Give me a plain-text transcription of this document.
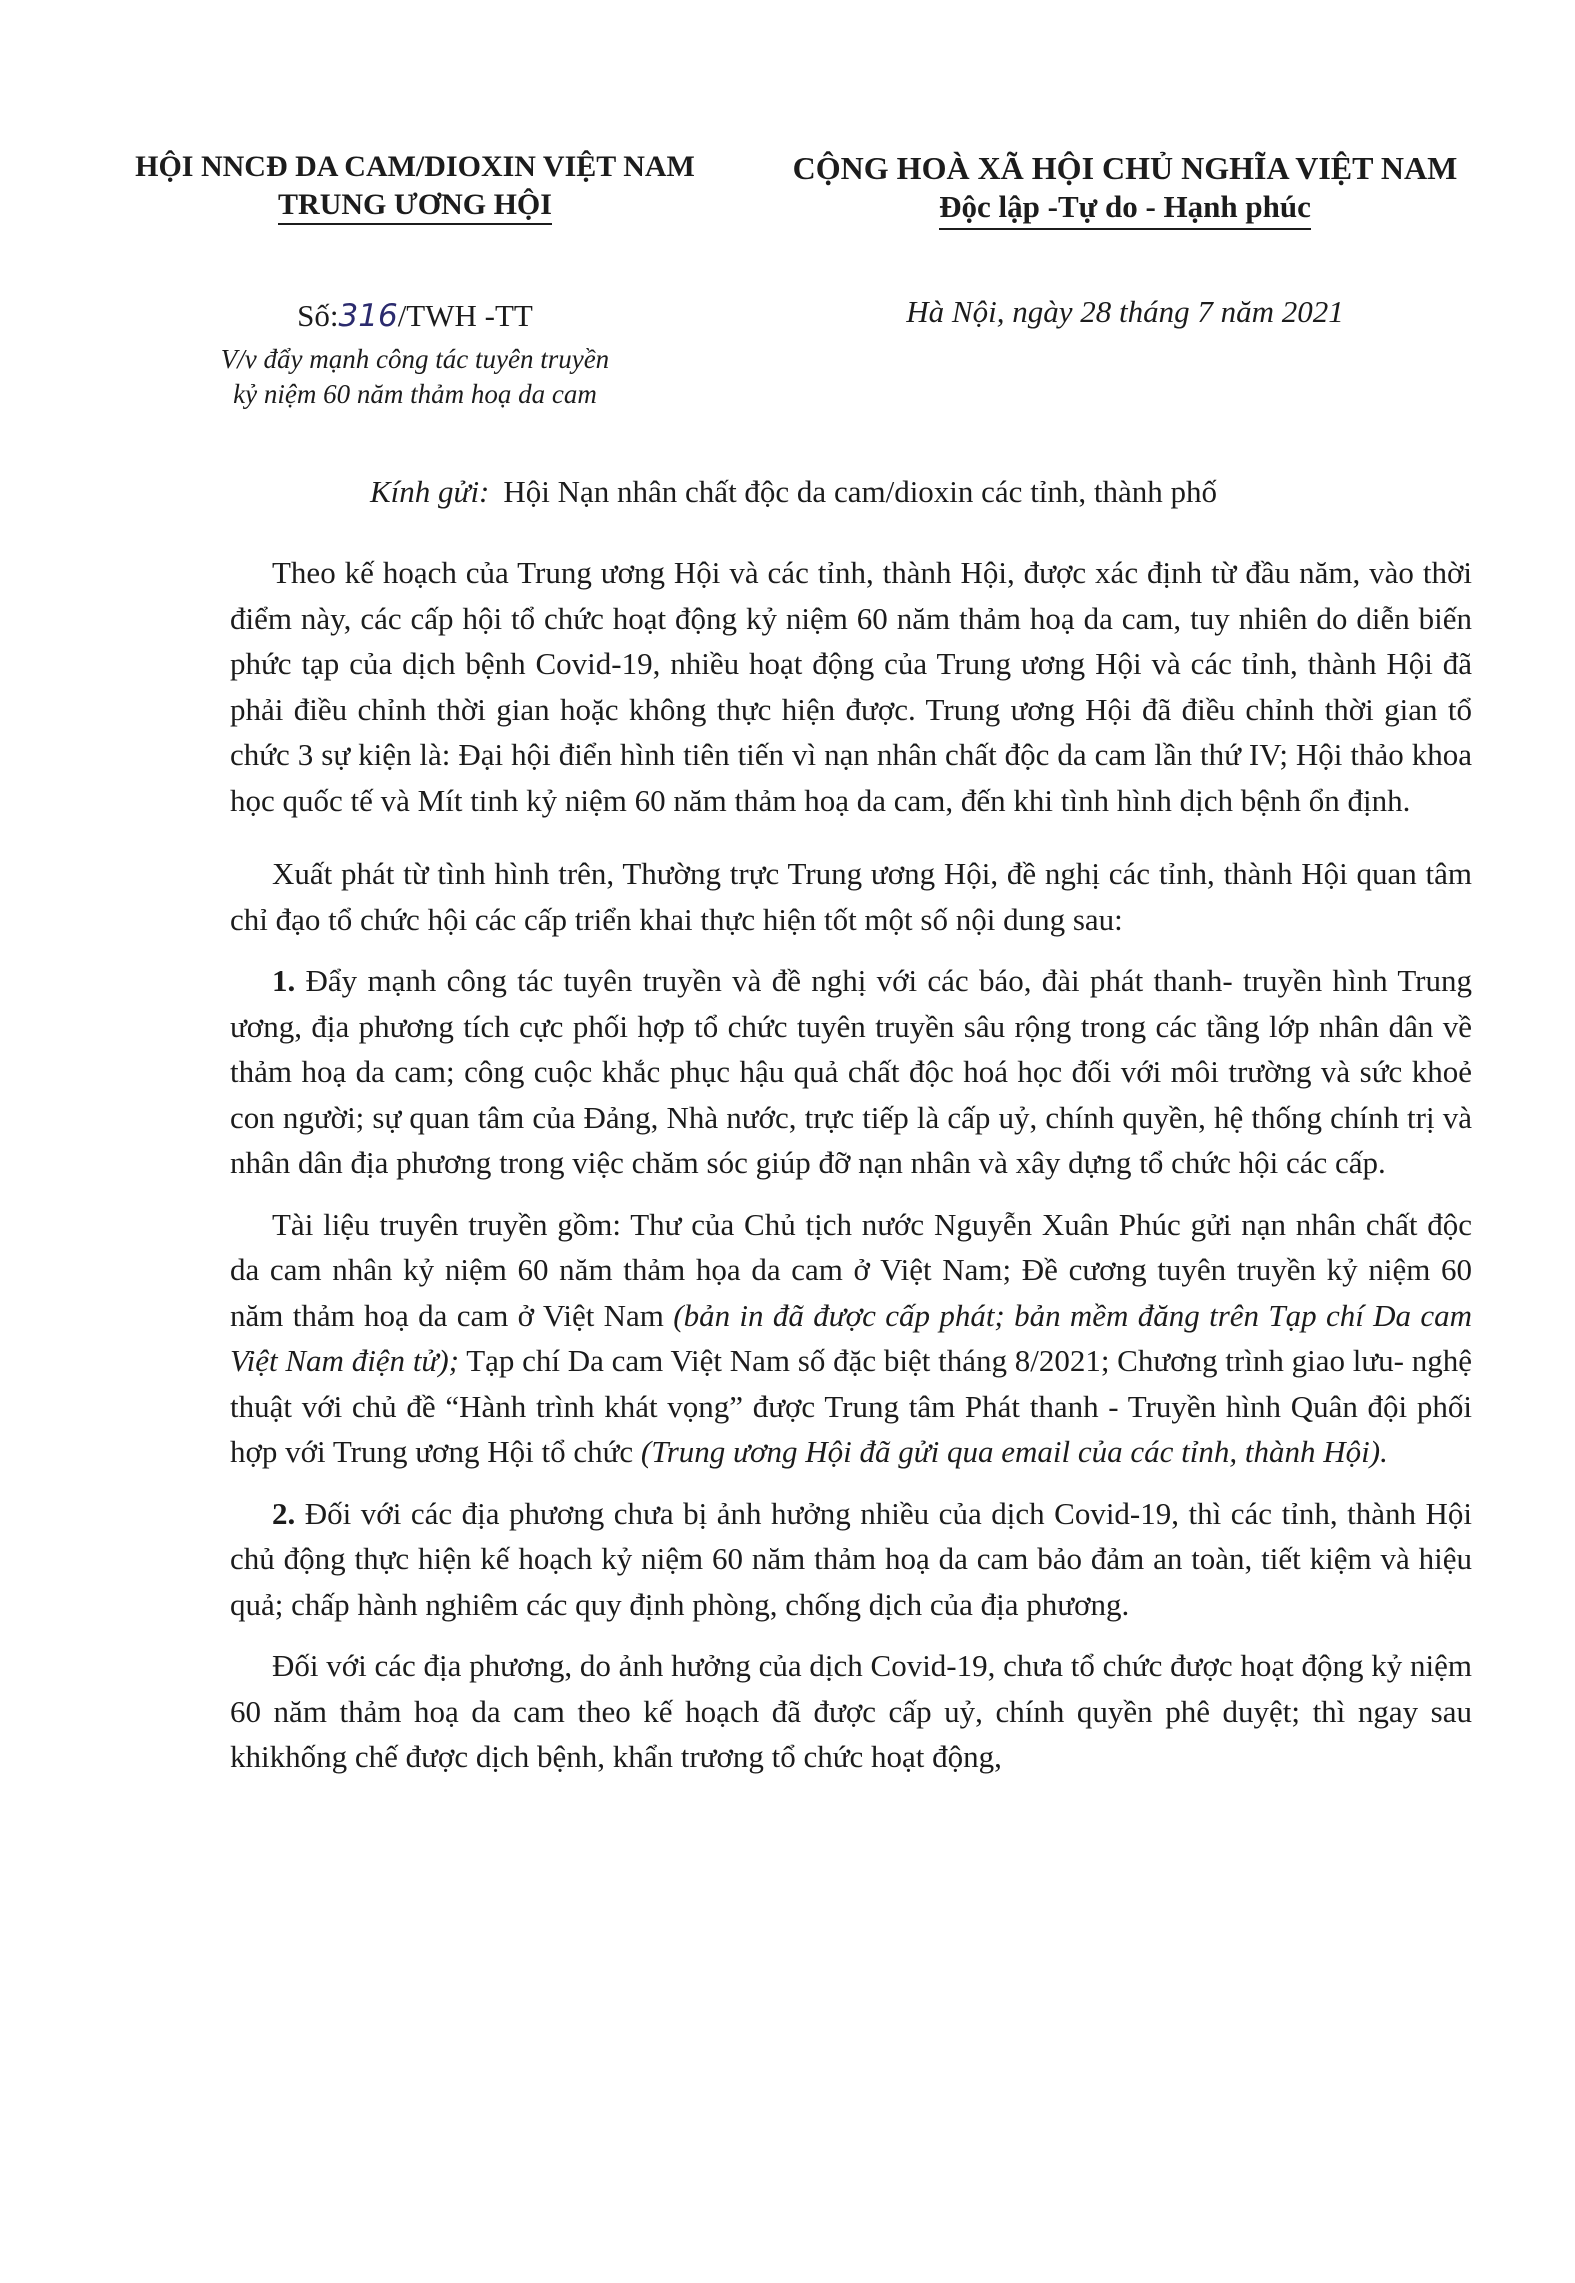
HỘI NNCĐ DA CAM/DIOXIN VIỆT NAM
TRUNG ƯƠNG HỘI
CỘNG HOÀ XÃ HỘI CHỦ NGHĨA VIỆT NAM
Độc lập -Tự do - Hạnh phúc
Số:316/TWH -TT	Hà Nội, ngày 28 tháng 7 năm 2021
V/v đẩy mạnh công tác tuyên truyền
kỷ niệm 60 năm thảm hoạ da cam
Kính gửi: Hội Nạn nhân chất độc da cam/dioxin các tỉnh, thành phố

Theo kế hoạch của Trung ương Hội và các tỉnh, thành Hội, được xác định từ đầu năm, vào thời điểm này, các cấp hội tổ chức hoạt động kỷ niệm 60 năm thảm hoạ da cam, tuy nhiên do diễn biến phức tạp của dịch bệnh Covid-19, nhiều hoạt động của Trung ương Hội và các tỉnh, thành Hội đã phải điều chỉnh thời gian hoặc không thực hiện được. Trung ương Hội đã điều chỉnh thời gian tổ chức 3 sự kiện là: Đại hội điển hình tiên tiến vì nạn nhân chất độc da cam lần thứ IV; Hội thảo khoa học quốc tế và Mít tinh kỷ niệm 60 năm thảm hoạ da cam, đến khi tình hình dịch bệnh ổn định.

Xuất phát từ tình hình trên, Thường trực Trung ương Hội, đề nghị các tỉnh, thành Hội quan tâm chỉ đạo tổ chức hội các cấp triển khai thực hiện tốt một số nội dung sau:

1. Đẩy mạnh công tác tuyên truyền và đề nghị với các báo, đài phát thanh- truyền hình Trung ương, địa phương tích cực phối hợp tổ chức tuyên truyền sâu rộng trong các tầng lớp nhân dân về thảm hoạ da cam; công cuộc khắc phục hậu quả chất độc hoá học đối với môi trường và sức khoẻ con người; sự quan tâm của Đảng, Nhà nước, trực tiếp là cấp uỷ, chính quyền, hệ thống chính trị và nhân dân địa phương trong việc chăm sóc giúp đỡ nạn nhân và xây dựng tổ chức hội các cấp.

Tài liệu truyên truyền gồm: Thư của Chủ tịch nước Nguyễn Xuân Phúc gửi nạn nhân chất độc da cam nhân kỷ niệm 60 năm thảm họa da cam ở Việt Nam; Đề cương tuyên truyền kỷ niệm 60 năm thảm hoạ da cam ở Việt Nam (bản in đã được cấp phát; bản mềm đăng trên Tạp chí Da cam Việt Nam điện tử); Tạp chí Da cam Việt Nam số đặc biệt tháng 8/2021; Chương trình giao lưu- nghệ thuật với chủ đề “Hành trình khát vọng” được Trung tâm Phát thanh - Truyền hình Quân đội phối hợp với Trung ương Hội tổ chức (Trung ương Hội đã gửi qua email của các tỉnh, thành Hội).

2. Đối với các địa phương chưa bị ảnh hưởng nhiều của dịch Covid-19, thì các tỉnh, thành Hội chủ động thực hiện kế hoạch kỷ niệm 60 năm thảm hoạ da cam bảo đảm an toàn, tiết kiệm và hiệu quả; chấp hành nghiêm các quy định phòng, chống dịch của địa phương.

Đối với các địa phương, do ảnh hưởng của dịch Covid-19, chưa tổ chức được hoạt động kỷ niệm 60 năm thảm hoạ da cam theo kế hoạch đã được cấp uỷ, chính quyền phê duyệt; thì ngay sau khikhống chế được dịch bệnh, khẩn trương tổ chức hoạt động,
